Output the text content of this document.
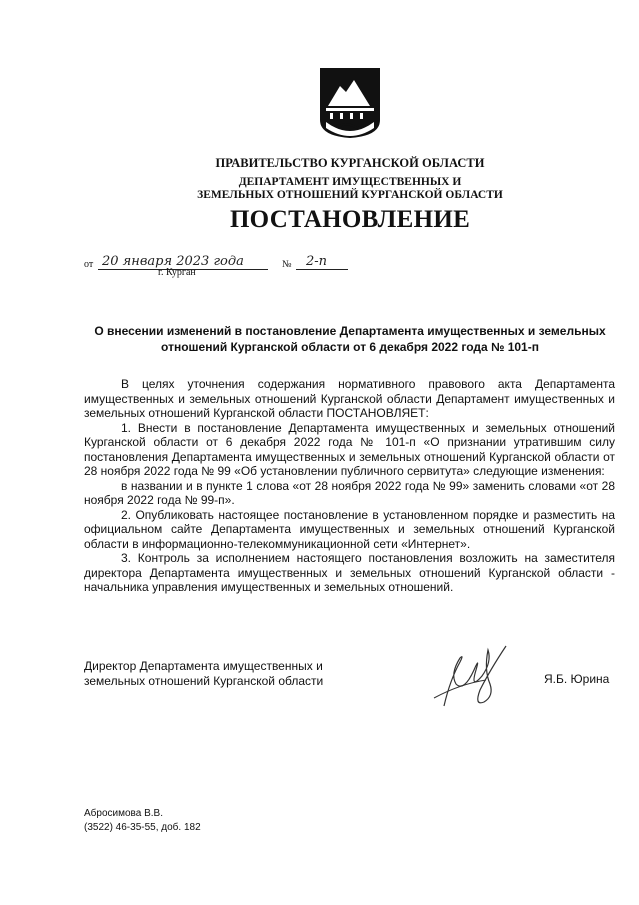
ПРАВИТЕЛЬСТВО КУРГАНСКОЙ ОБЛАСТИ
ДЕПАРТАМЕНТ ИМУЩЕСТВЕННЫХ И
ЗЕМЕЛЬНЫХ ОТНОШЕНИЙ КУРГАНСКОЙ ОБЛАСТИ
ПОСТАНОВЛЕНИЕ
от 20 января 2023 года	№ 2-п
г. Курган
О внесении изменений в постановление Департамента имущественных и земельных отношений Курганской области от 6 декабря 2022 года № 101-п

В целях уточнения содержания нормативного правового акта Департамента имущественных и земельных отношений Курганской области Департамент имущественных и земельных отношений Курганской области ПОСТАНОВЛЯЕТ:

1. Внести в постановление Департамента имущественных и земельных отношений Курганской области от 6 декабря 2022 года № 101-п «О признании утратившим силу постановления Департамента имущественных и земельных отношений Курганской области от 28 ноября 2022 года № 99 «Об установлении публичного сервитута» следующие изменения:

в названии и в пункте 1 слова «от 28 ноября 2022 года № 99» заменить словами «от 28 ноября 2022 года № 99-п».

2. Опубликовать настоящее постановление в установленном порядке и разместить на официальном сайте Департамента имущественных и земельных отношений Курганской области в информационно-телекоммуникационной сети «Интернет».

3. Контроль за исполнением настоящего постановления возложить на заместителя директора Департамента имущественных и земельных отношений Курганской области - начальника управления имущественных и земельных отношений.

Директор Департамента имущественных и
земельных отношений Курганской области	Я.Б. Юрина
Абросимова В.В.
(3522) 46-35-55, доб. 182
